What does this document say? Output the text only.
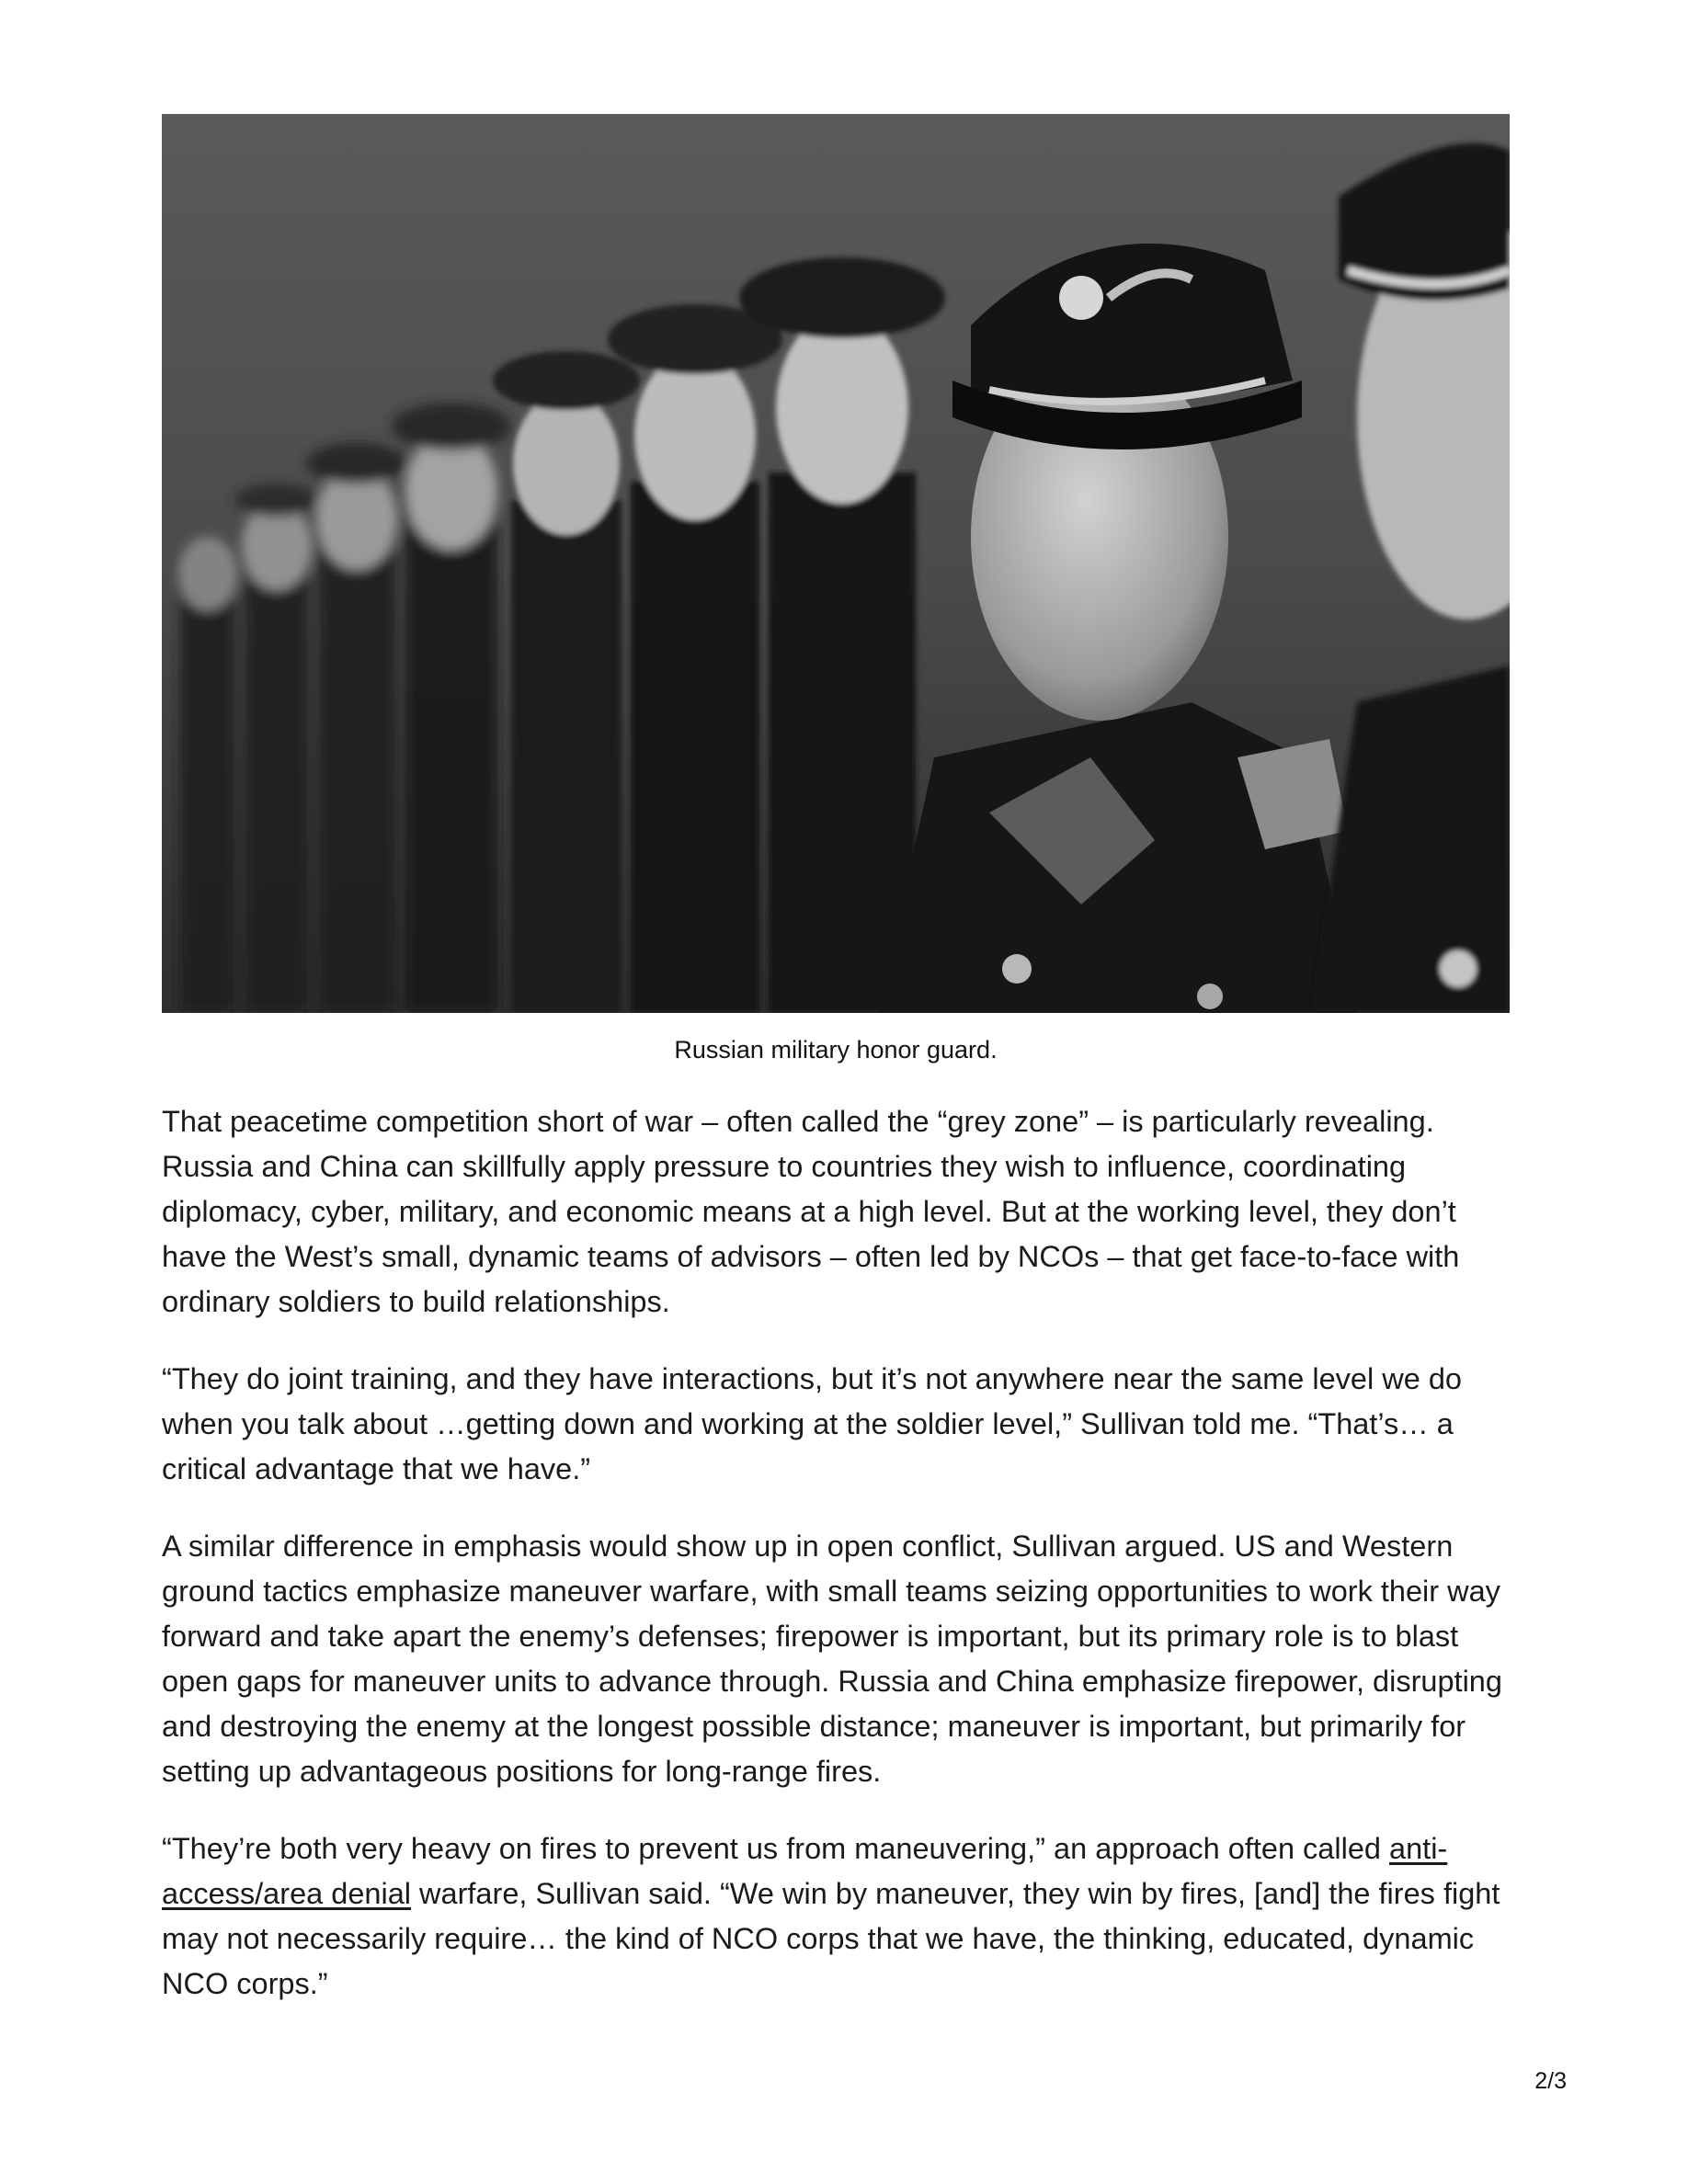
Russian military honor guard.

That peacetime competition short of war – often called the “grey zone” – is particularly revealing. Russia and China can skillfully apply pressure to countries they wish to influence, coordinating diplomacy, cyber, military, and economic means at a high level. But at the working level, they don’t have the West’s small, dynamic teams of advisors – often led by NCOs – that get face-to-face with ordinary soldiers to build relationships.

“They do joint training, and they have interactions, but it’s not anywhere near the same level we do when you talk about …getting down and working at the soldier level,” Sullivan told me. “That’s… a critical advantage that we have.”

A similar difference in emphasis would show up in open conflict, Sullivan argued. US and Western ground tactics emphasize maneuver warfare, with small teams seizing opportunities to work their way forward and take apart the enemy’s defenses; firepower is important, but its primary role is to blast open gaps for maneuver units to advance through. Russia and China emphasize firepower, disrupting and destroying the enemy at the longest possible distance; maneuver is important, but primarily for setting up advantageous positions for long-range fires.

“They’re both very heavy on fires to prevent us from maneuvering,” an approach often called anti-access/area denial warfare, Sullivan said. “We win by maneuver, they win by fires, [and] the fires fight may not necessarily require… the kind of NCO corps that we have, the thinking, educated, dynamic NCO corps.”

2/3
